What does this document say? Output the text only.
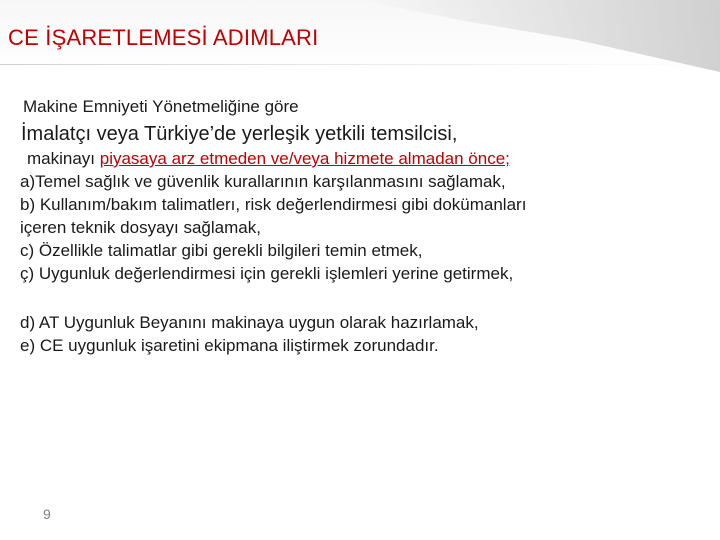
CE İŞARETLEMESİ ADIMLARI
Makine Emniyeti Yönetmeliğine göre
İmalatçı veya Türkiye’de yerleşik yetkili temsilcisi,
makinayı piyasaya arz etmeden ve/veya hizmete almadan önce;
a)Temel sağlık ve güvenlik kurallarının karşılanmasını sağlamak,
b) Kullanım/bakım talimatlerı, risk değerlendirmesi gibi dokümanları
içeren teknik dosyayı sağlamak,
c) Özellikle talimatlar gibi gerekli bilgileri temin etmek,
ç) Uygunluk değerlendirmesi için gerekli işlemleri yerine getirmek,
d) AT Uygunluk Beyanını makinaya uygun olarak hazırlamak,
e) CE uygunluk işaretini ekipmana iliştirmek zorundadır.
9
